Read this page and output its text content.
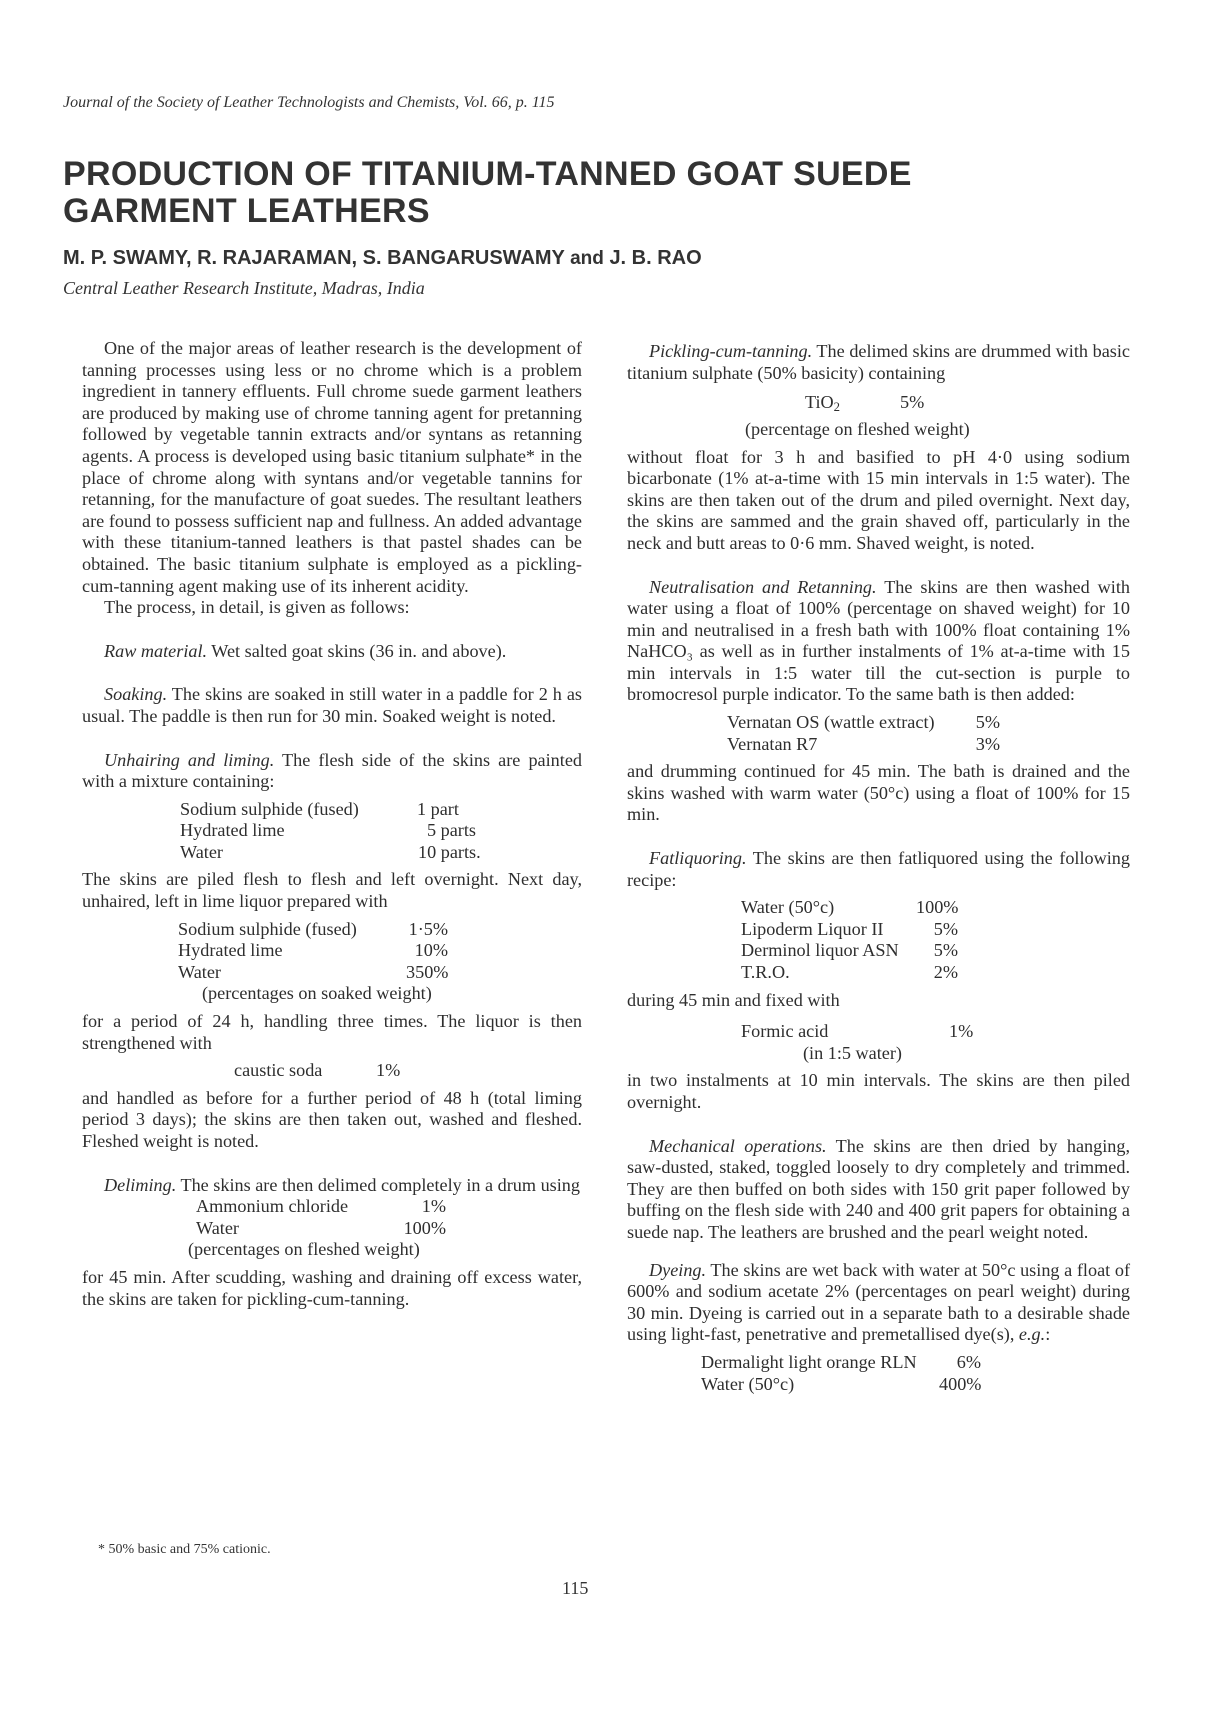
Journal of the Society of Leather Technologists and Chemists, Vol. 66, p. 115
PRODUCTION OF TITANIUM-TANNED GOAT SUEDE GARMENT LEATHERS
M. P. SWAMY, R. RAJARAMAN, S. BANGARUSWAMY and J. B. RAO
Central Leather Research Institute, Madras, India

One of the major areas of leather research is the development of tanning processes using less or no chrome which is a problem ingredient in tannery effluents. Full chrome suede garment leathers are produced by making use of chrome tanning agent for pretanning followed by vegetable tannin extracts and/or syntans as retanning agents. A process is developed using basic titanium sulphate* in the place of chrome along with syntans and/or vegetable tannins for retanning, for the manufacture of goat suedes. The resultant leathers are found to possess sufficient nap and fullness. An added advantage with these titanium-tanned leathers is that pastel shades can be obtained. The basic titanium sulphate is employed as a pickling-cum-tanning agent making use of its inherent acidity.

The process, in detail, is given as follows:

Raw material. Wet salted goat skins (36 in. and above).

Soaking. The skins are soaked in still water in a paddle for 2 h as usual. The paddle is then run for 30 min. Soaked weight is noted.

Unhairing and liming. The flesh side of the skins are painted with a mixture containing:

Sodium sulphide (fused)	1 part
Hydrated lime	5 parts
Water	10 parts.

The skins are piled flesh to flesh and left overnight. Next day, unhaired, left in lime liquor prepared with

Sodium sulphide (fused)	1·5%
Hydrated lime	10%
Water	350%
(percentages on soaked weight)

for a period of 24 h, handling three times. The liquor is then strengthened with

caustic soda	1%

and handled as before for a further period of 48 h (total liming period 3 days); the skins are then taken out, washed and fleshed. Fleshed weight is noted.

Deliming. The skins are then delimed completely in a drum using

Ammonium chloride	1%
Water	100%
(percentages on fleshed weight)

for 45 min. After scudding, washing and draining off excess water, the skins are taken for pickling-cum-tanning.

Pickling-cum-tanning. The delimed skins are drummed with basic titanium sulphate (50% basicity) containing

TiO$_2$	5%
(percentage on fleshed weight)

without float for 3 h and basified to pH 4·0 using sodium bicarbonate (1% at-a-time with 15 min intervals in 1:5 water). The skins are then taken out of the drum and piled overnight. Next day, the skins are sammed and the grain shaved off, particularly in the neck and butt areas to 0·6 mm. Shaved weight, is noted.

Neutralisation and Retanning. The skins are then washed with water using a float of 100% (percentage on shaved weight) for 10 min and neutralised in a fresh bath with 100% float containing 1% NaHCO₃ as well as in further instalments of 1% at-a-time with 15 min intervals in 1:5 water till the cut-section is purple to bromocresol purple indicator. To the same bath is then added:

Vernatan OS (wattle extract)	5%
Vernatan R7	3%

and drumming continued for 45 min. The bath is drained and the skins washed with warm water (50°c) using a float of 100% for 15 min.

Fatliquoring. The skins are then fatliquored using the following recipe:

Water (50°c)	100%
Lipoderm Liquor II	5%
Derminol liquor ASN	5%
T.R.O.	2%

during 45 min and fixed with

Formic acid	1%
(in 1:5 water)

in two instalments at 10 min intervals. The skins are then piled overnight.

Mechanical operations. The skins are then dried by hanging, saw-dusted, staked, toggled loosely to dry completely and trimmed. They are then buffed on both sides with 150 grit paper followed by buffing on the flesh side with 240 and 400 grit papers for obtaining a suede nap. The leathers are brushed and the pearl weight noted.

Dyeing. The skins are wet back with water at 50°c using a float of 600% and sodium acetate 2% (percentages on pearl weight) during 30 min. Dyeing is carried out in a separate bath to a desirable shade using light-fast, penetrative and premetallised dye(s), e.g.:

Dermalight light orange RLN	6%
Water (50°c)	400%
* 50% basic and 75% cationic.
115
